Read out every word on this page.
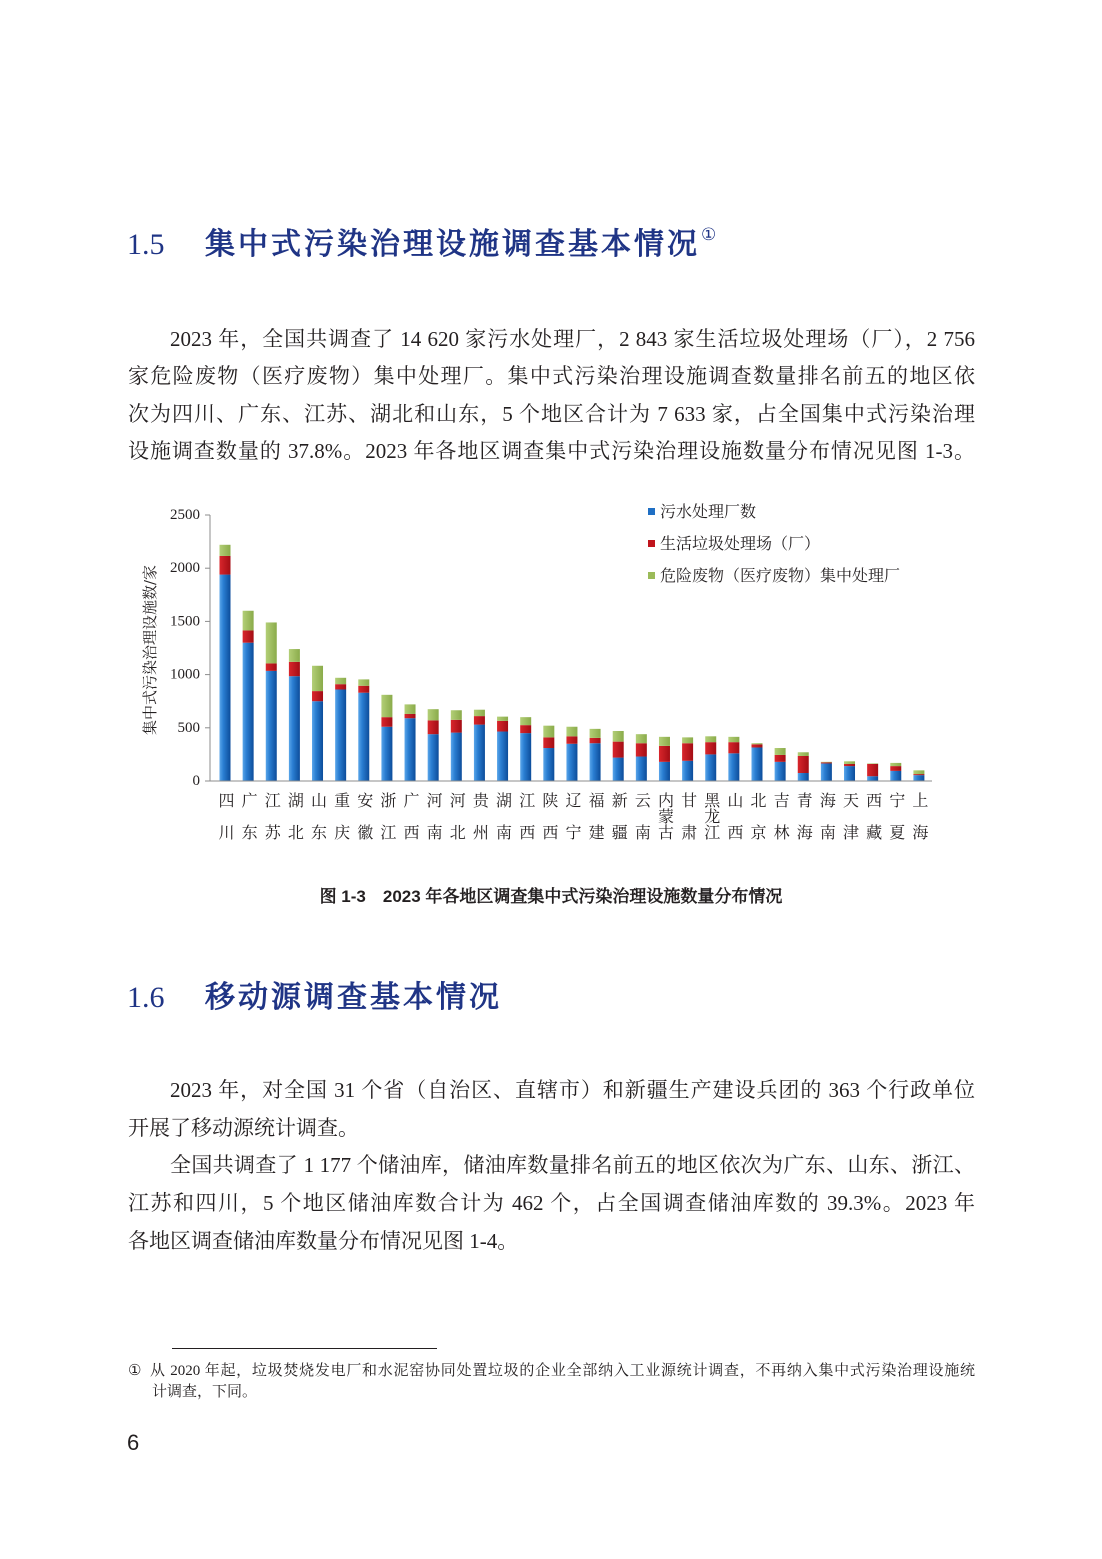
1.5 集中式污染治理设施调查基本情况①
2023 年，全国共调查了 14 620 家污水处理厂，2 843 家生活垃圾处理场（厂），2 756
家危险废物（医疗废物）集中处理厂。集中式污染治理设施调查数量排名前五的地区依
次为四川、广东、江苏、湖北和山东，5 个地区合计为 7 633 家，占全国集中式污染治理
设施调查数量的 37.8%。2023 年各地区调查集中式污染治理设施数量分布情况见图 1-3。
0
500
1000
1500
2000
2500
集中式污染治理设施数/家
污水处理厂数
生活垃圾处理场（厂）
危险废物（医疗废物）集中处理厂
四川 广东 江苏 湖北 山东 重庆 安徽 浙江 广西 河南 河北 贵州 湖南 江西 陕西 辽宁 福建 新疆 云南 内蒙古 甘肃 黑龙江 山西 北京 吉林 青海 海南 天津 西藏 宁夏 上海
图 1-3　2023 年各地区调查集中式污染治理设施数量分布情况
1.6 移动源调查基本情况
2023 年，对全国 31 个省（自治区、直辖市）和新疆生产建设兵团的 363 个行政单位
开展了移动源统计调查。
全国共调查了 1 177 个储油库，储油库数量排名前五的地区依次为广东、山东、浙江、
江苏和四川，5 个地区储油库数合计为 462 个，占全国调查储油库数的 39.3%。2023 年
各地区调查储油库数量分布情况见图 1-4。
① 从 2020 年起，垃圾焚烧发电厂和水泥窑协同处置垃圾的企业全部纳入工业源统计调查，不再纳入集中式污染治理设施统
计调查，下同。
6
